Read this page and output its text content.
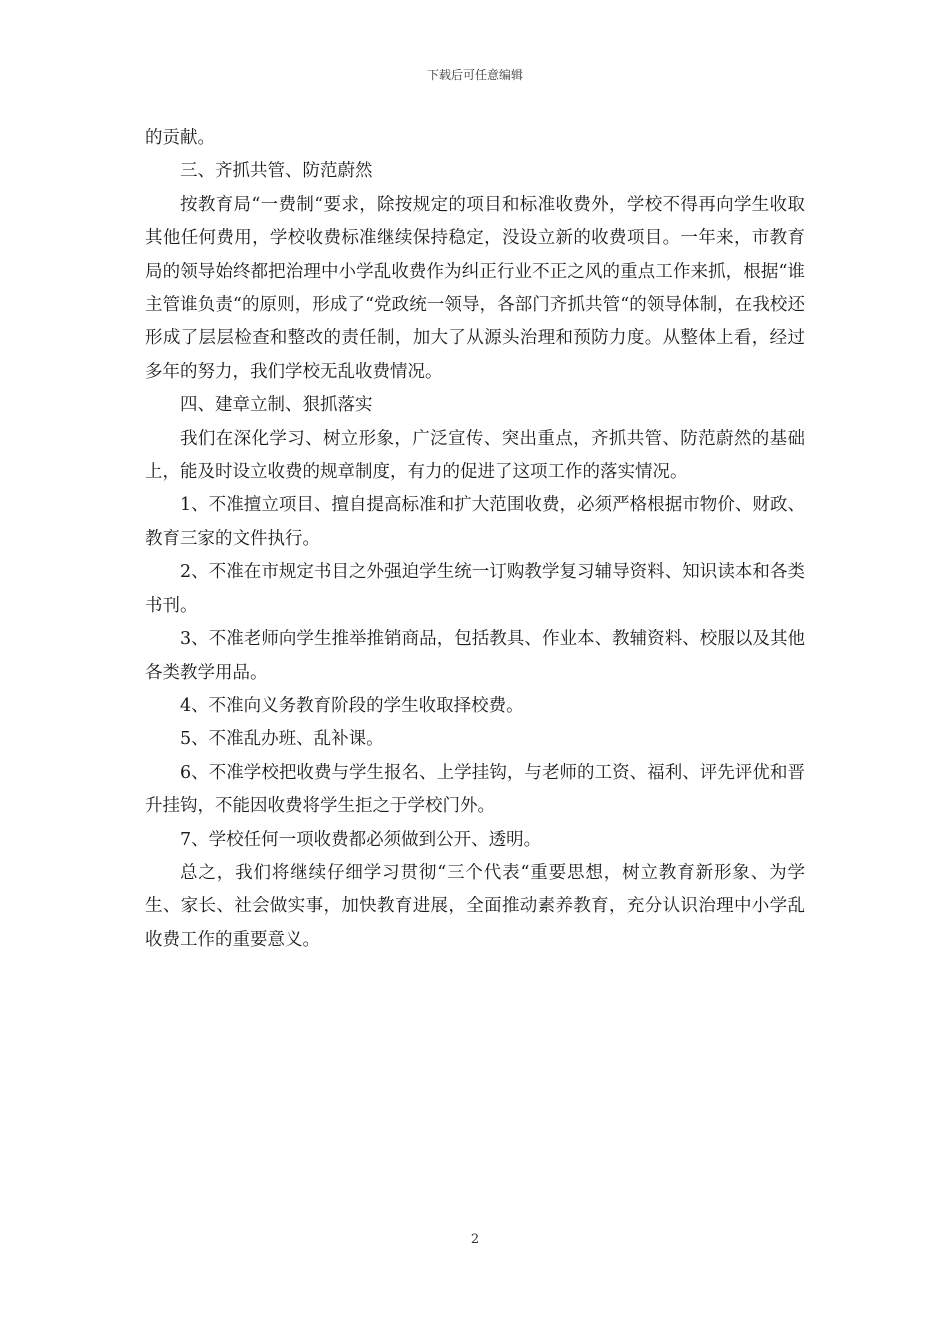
下载后可任意编辑

的贡献。

三、齐抓共管、防范蔚然

按教育局“一费制“要求，除按规定的项目和标准收费外，学校不得再向学生收取其他任何费用，学校收费标准继续保持稳定，没设立新的收费项目。一年来，市教育局的领导始终都把治理中小学乱收费作为纠正行业不正之风的重点工作来抓，根据“谁主管谁负责“的原则，形成了“党政统一领导，各部门齐抓共管“的领导体制，在我校还形成了层层检查和整改的责任制，加大了从源头治理和预防力度。从整体上看，经过多年的努力，我们学校无乱收费情况。

四、建章立制、狠抓落实

我们在深化学习、树立形象，广泛宣传、突出重点，齐抓共管、防范蔚然的基础上，能及时设立收费的规章制度，有力的促进了这项工作的落实情况。

1、不准擅立项目、擅自提高标准和扩大范围收费，必须严格根据市物价、财政、教育三家的文件执行。

2、不准在市规定书目之外强迫学生统一订购教学复习辅导资料、知识读本和各类书刊。

3、不准老师向学生推举推销商品，包括教具、作业本、教辅资料、校服以及其他各类教学用品。

4、不准向义务教育阶段的学生收取择校费。

5、不准乱办班、乱补课。

6、不准学校把收费与学生报名、上学挂钩，与老师的工资、福利、评先评优和晋升挂钩，不能因收费将学生拒之于学校门外。

7、学校任何一项收费都必须做到公开、透明。

总之，我们将继续仔细学习贯彻“三个代表“重要思想，树立教育新形象、为学生、家长、社会做实事，加快教育进展，全面推动素养教育，充分认识治理中小学乱收费工作的重要意义。

2
